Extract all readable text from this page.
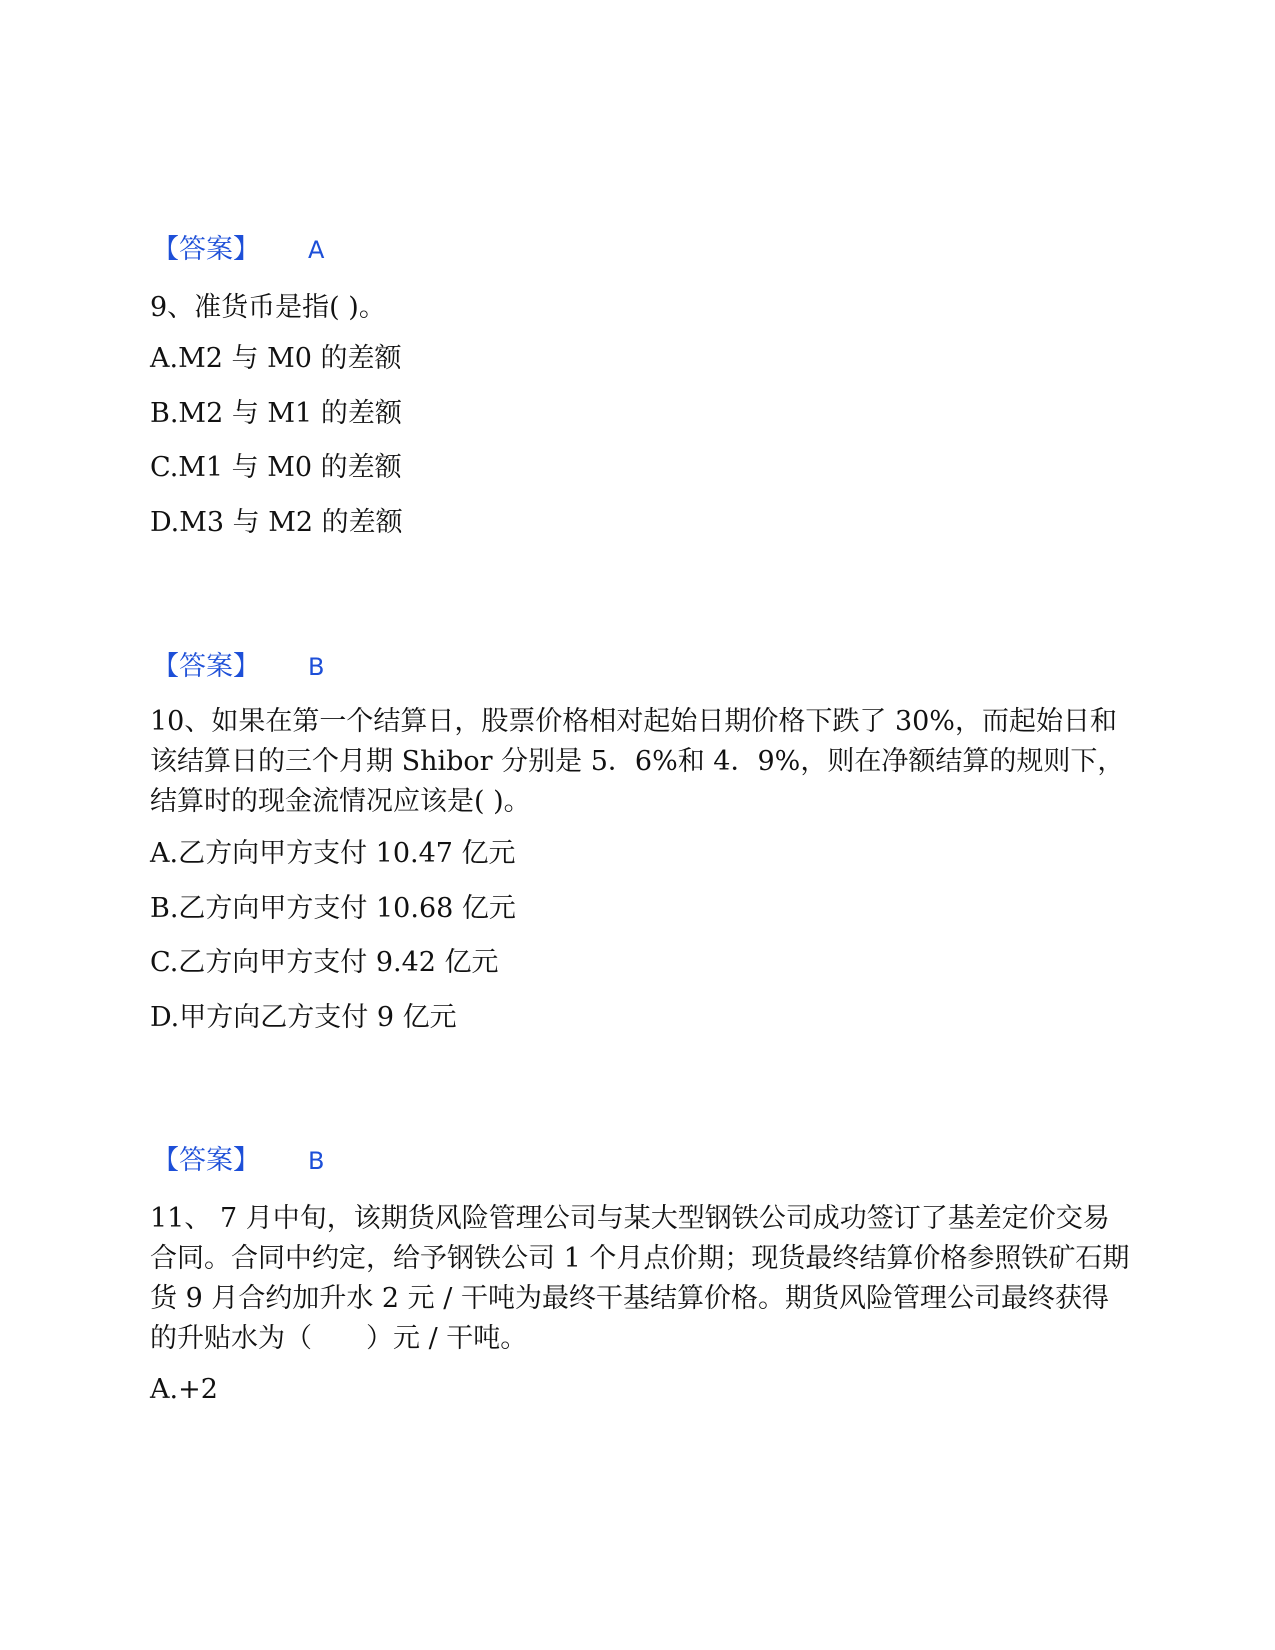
【答案】 A
9、准货币是指( )。
A.M2 与 M0 的差额
B.M2 与 M1 的差额
C.M1 与 M0 的差额
D.M3 与 M2 的差额
【答案】 B
10、如果在第一个结算日，股票价格相对起始日期价格下跌了 30%，而起始日和该结算日的三个月期 Shibor 分别是 5．6%和 4．9%，则在净额结算的规则下，结算时的现金流情况应该是( )。
A.乙方向甲方支付 10.47 亿元
B.乙方向甲方支付 10.68 亿元
C.乙方向甲方支付 9.42 亿元
D.甲方向乙方支付 9 亿元
【答案】 B
11、 7 月中旬，该期货风险管理公司与某大型钢铁公司成功签订了基差定价交易合同。合同中约定，给予钢铁公司 1 个月点价期；现货最终结算价格参照铁矿石期货 9 月合约加升水 2 元 / 干吨为最终干基结算价格。期货风险管理公司最终获得的升贴水为（　　）元 / 干吨。
A.+2
